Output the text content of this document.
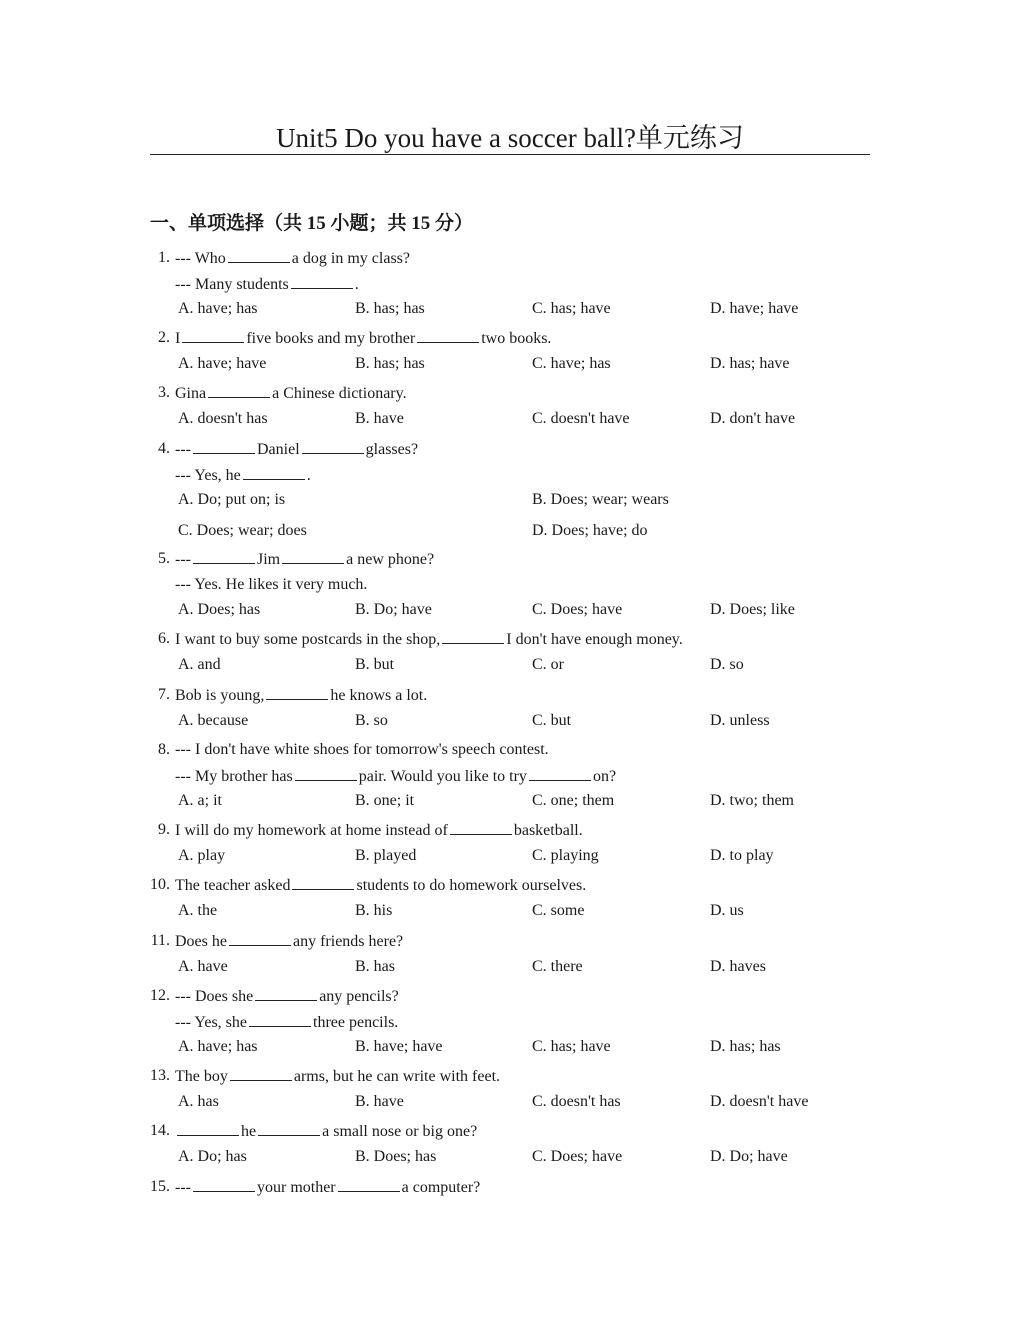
Unit5 Do you have a soccer ball?单元练习
一、单项选择（共 15 小题；共 15 分）
1. --- Who	a dog in my class?
--- Many students	.
A. have; has	B. has; has	C. has; have	D. have; have
2. I	five books and my brother	two books.
A. have; have	B. has; has	C. have; has	D. has; have
3. Gina	a Chinese dictionary.
A. doesn't has	B. have	C. doesn't have	D. don't have
4. ---	Daniel	glasses?
--- Yes, he	.
A. Do; put on; is	B. Does; wear; wears
C. Does; wear; does	D. Does; have; do
5. ---	Jim	a new phone?
--- Yes. He likes it very much.
A. Does; has	B. Do; have	C. Does; have	D. Does; like
6. I want to buy some postcards in the shop,	I don't have enough money.
A. and	B. but	C. or	D. so
7. Bob is young,	he knows a lot.
A. because	B. so	C. but	D. unless
8. --- I don't have white shoes for tomorrow's speech contest.
--- My brother has	pair. Would you like to try	on?
A. a; it	B. one; it	C. one; them	D. two; them
9. I will do my homework at home instead of	basketball.
A. play	B. played	C. playing	D. to play
10. The teacher asked	students to do homework ourselves.
A. the	B. his	C. some	D. us
11. Does he	any friends here?
A. have	B. has	C. there	D. haves
12. --- Does she	any pencils?
--- Yes, she	three pencils.
A. have; has	B. have; have	C. has; have	D. has; has
13. The boy	arms, but he can write with feet.
A. has	B. have	C. doesn't has	D. doesn't have
14.	he	a small nose or big one?
A. Do; has	B. Does; has	C. Does; have	D. Do; have
15. ---	your mother	a computer?
